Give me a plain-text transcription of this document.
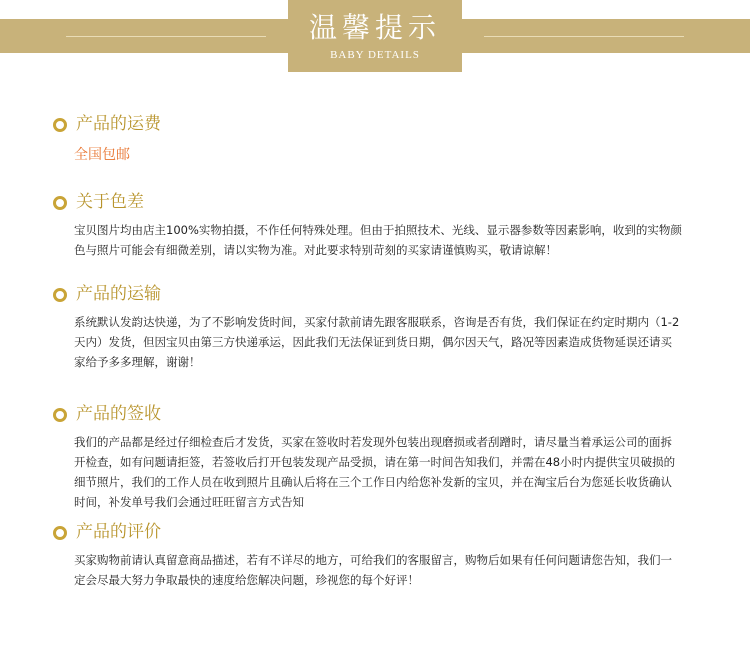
温馨提示
BABY DETAILS
产品的运费
全国包邮
关于色差
宝贝图片均由店主100%实物拍摄，不作任何特殊处理。但由于拍照技术、光线、显示器参数等因素影响，收到的实物颜色与照片可能会有细微差别，请以实物为准。对此要求特别苛刻的买家请谨慎购买，敬请谅解！
产品的运输
系统默认发韵达快递，为了不影响发货时间，买家付款前请先跟客服联系，咨询是否有货，我们保证在约定时期内（1-2天内）发货，但因宝贝由第三方快递承运，因此我们无法保证到货日期，偶尔因天气，路况等因素造成货物延误还请买家给予多多理解，谢谢！
产品的签收
我们的产品都是经过仔细检查后才发货，买家在签收时若发现外包装出现磨损或者刮蹭时，请尽量当着承运公司的面拆开检查，如有问题请拒签，若签收后打开包装发现产品受损，请在第一时间告知我们，并需在48小时内提供宝贝破损的细节照片，我们的工作人员在收到照片且确认后将在三个工作日内给您补发新的宝贝，并在淘宝后台为您延长收货确认时间，补发单号我们会通过旺旺留言方式告知
产品的评价
买家购物前请认真留意商品描述，若有不详尽的地方，可给我们的客服留言，购物后如果有任何问题请您告知，我们一定会尽最大努力争取最快的速度给您解决问题，珍视您的每个好评！
